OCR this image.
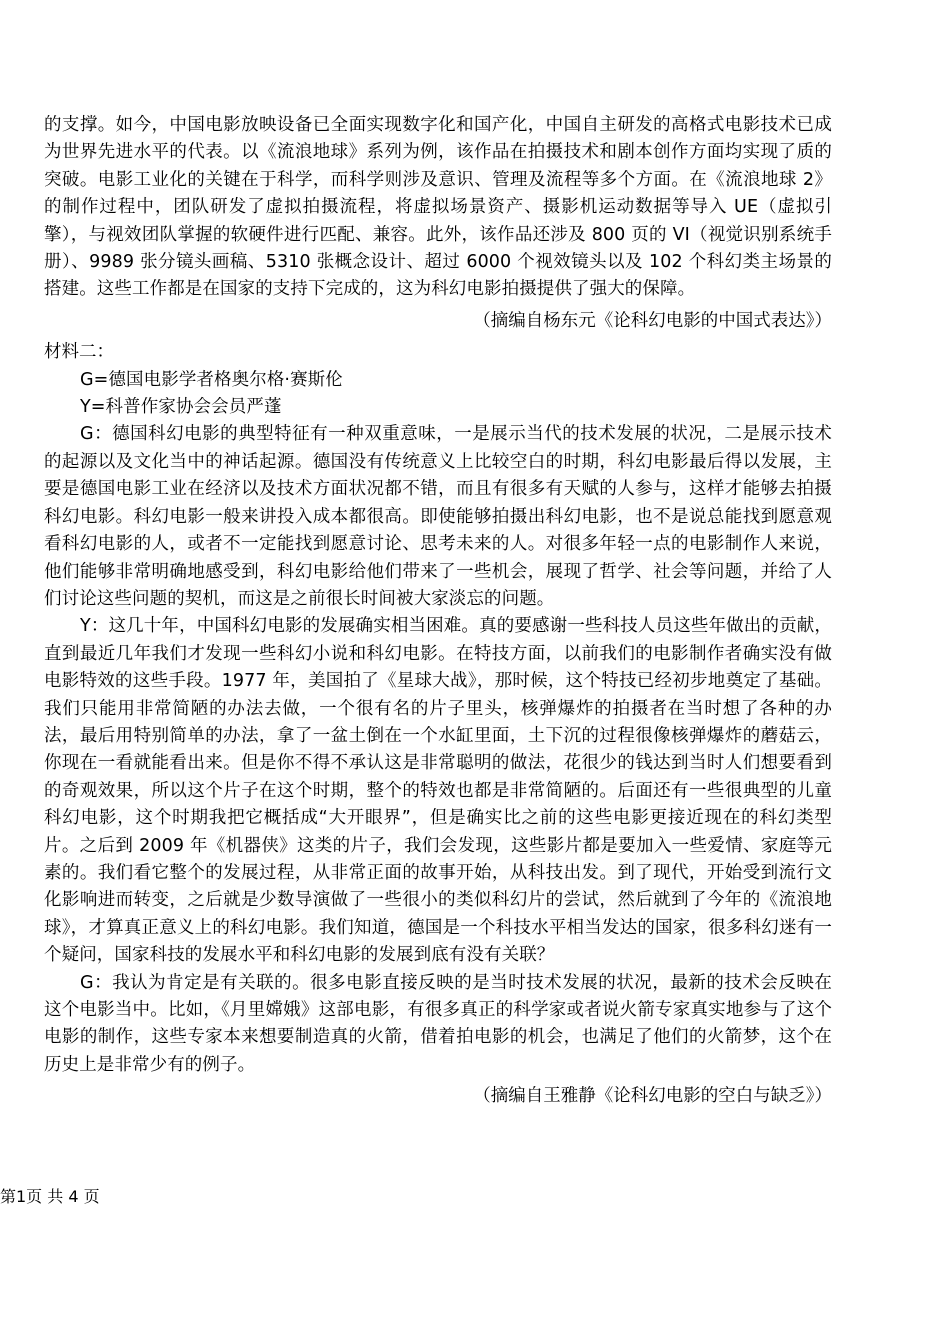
的支撑。如今，中国电影放映设备已全面实现数字化和国产化，中国自主研发的高格式电影技术已成为世界先进水平的代表。以《流浪地球》系列为例，该作品在拍摄技术和剧本创作方面均实现了质的突破。电影工业化的关键在于科学，而科学则涉及意识、管理及流程等多个方面。在《流浪地球 2》的制作过程中，团队研发了虚拟拍摄流程，将虚拟场景资产、摄影机运动数据等导入 UE（虚拟引擎），与视效团队掌握的软硬件进行匹配、兼容。此外，该作品还涉及 800 页的 VI（视觉识别系统手册）、9989 张分镜头画稿、5310 张概念设计、超过 6000 个视效镜头以及 102 个科幻类主场景的搭建。这些工作都是在国家的支持下完成的，这为科幻电影拍摄提供了强大的保障。

（摘编自杨东元《论科幻电影的中国式表达》）
材料二：

G=德国电影学者格奥尔格·赛斯伦

Y=科普作家协会会员严蓬

G：德国科幻电影的典型特征有一种双重意味，一是展示当代的技术发展的状况，二是展示技术的起源以及文化当中的神话起源。德国没有传统意义上比较空白的时期，科幻电影最后得以发展，主要是德国电影工业在经济以及技术方面状况都不错，而且有很多有天赋的人参与，这样才能够去拍摄科幻电影。科幻电影一般来讲投入成本都很高。即使能够拍摄出科幻电影，也不是说总能找到愿意观看科幻电影的人，或者不一定能找到愿意讨论、思考未来的人。对很多年轻一点的电影制作人来说，他们能够非常明确地感受到，科幻电影给他们带来了一些机会，展现了哲学、社会等问题，并给了人们讨论这些问题的契机，而这是之前很长时间被大家淡忘的问题。

Y：这几十年，中国科幻电影的发展确实相当困难。真的要感谢一些科技人员这些年做出的贡献，直到最近几年我们才发现一些科幻小说和科幻电影。在特技方面，以前我们的电影制作者确实没有做电影特效的这些手段。1977 年，美国拍了《星球大战》，那时候，这个特技已经初步地奠定了基础。我们只能用非常简陋的办法去做，一个很有名的片子里头，核弹爆炸的拍摄者在当时想了各种的办法，最后用特别简单的办法，拿了一盆土倒在一个水缸里面，土下沉的过程很像核弹爆炸的蘑菇云，你现在一看就能看出来。但是你不得不承认这是非常聪明的做法，花很少的钱达到当时人们想要看到的奇观效果，所以这个片子在这个时期，整个的特效也都是非常简陋的。后面还有一些很典型的儿童科幻电影，这个时期我把它概括成“大开眼界”，但是确实比之前的这些电影更接近现在的科幻类型片。之后到 2009 年《机器侠》这类的片子，我们会发现，这些影片都是要加入一些爱情、家庭等元素的。我们看它整个的发展过程，从非常正面的故事开始，从科技出发。到了现代，开始受到流行文化影响进而转变，之后就是少数导演做了一些很小的类似科幻片的尝试，然后就到了今年的《流浪地球》，才算真正意义上的科幻电影。我们知道，德国是一个科技水平相当发达的国家，很多科幻迷有一个疑问，国家科技的发展水平和科幻电影的发展到底有没有关联？

G：我认为肯定是有关联的。很多电影直接反映的是当时技术发展的状况，最新的技术会反映在这个电影当中。比如，《月里嫦娥》这部电影，有很多真正的科学家或者说火箭专家真实地参与了这个电影的制作，这些专家本来想要制造真的火箭，借着拍电影的机会，也满足了他们的火箭梦，这个在历史上是非常少有的例子。

（摘编自王雅静《论科幻电影的空白与缺乏》）
第1页 共 4 页
